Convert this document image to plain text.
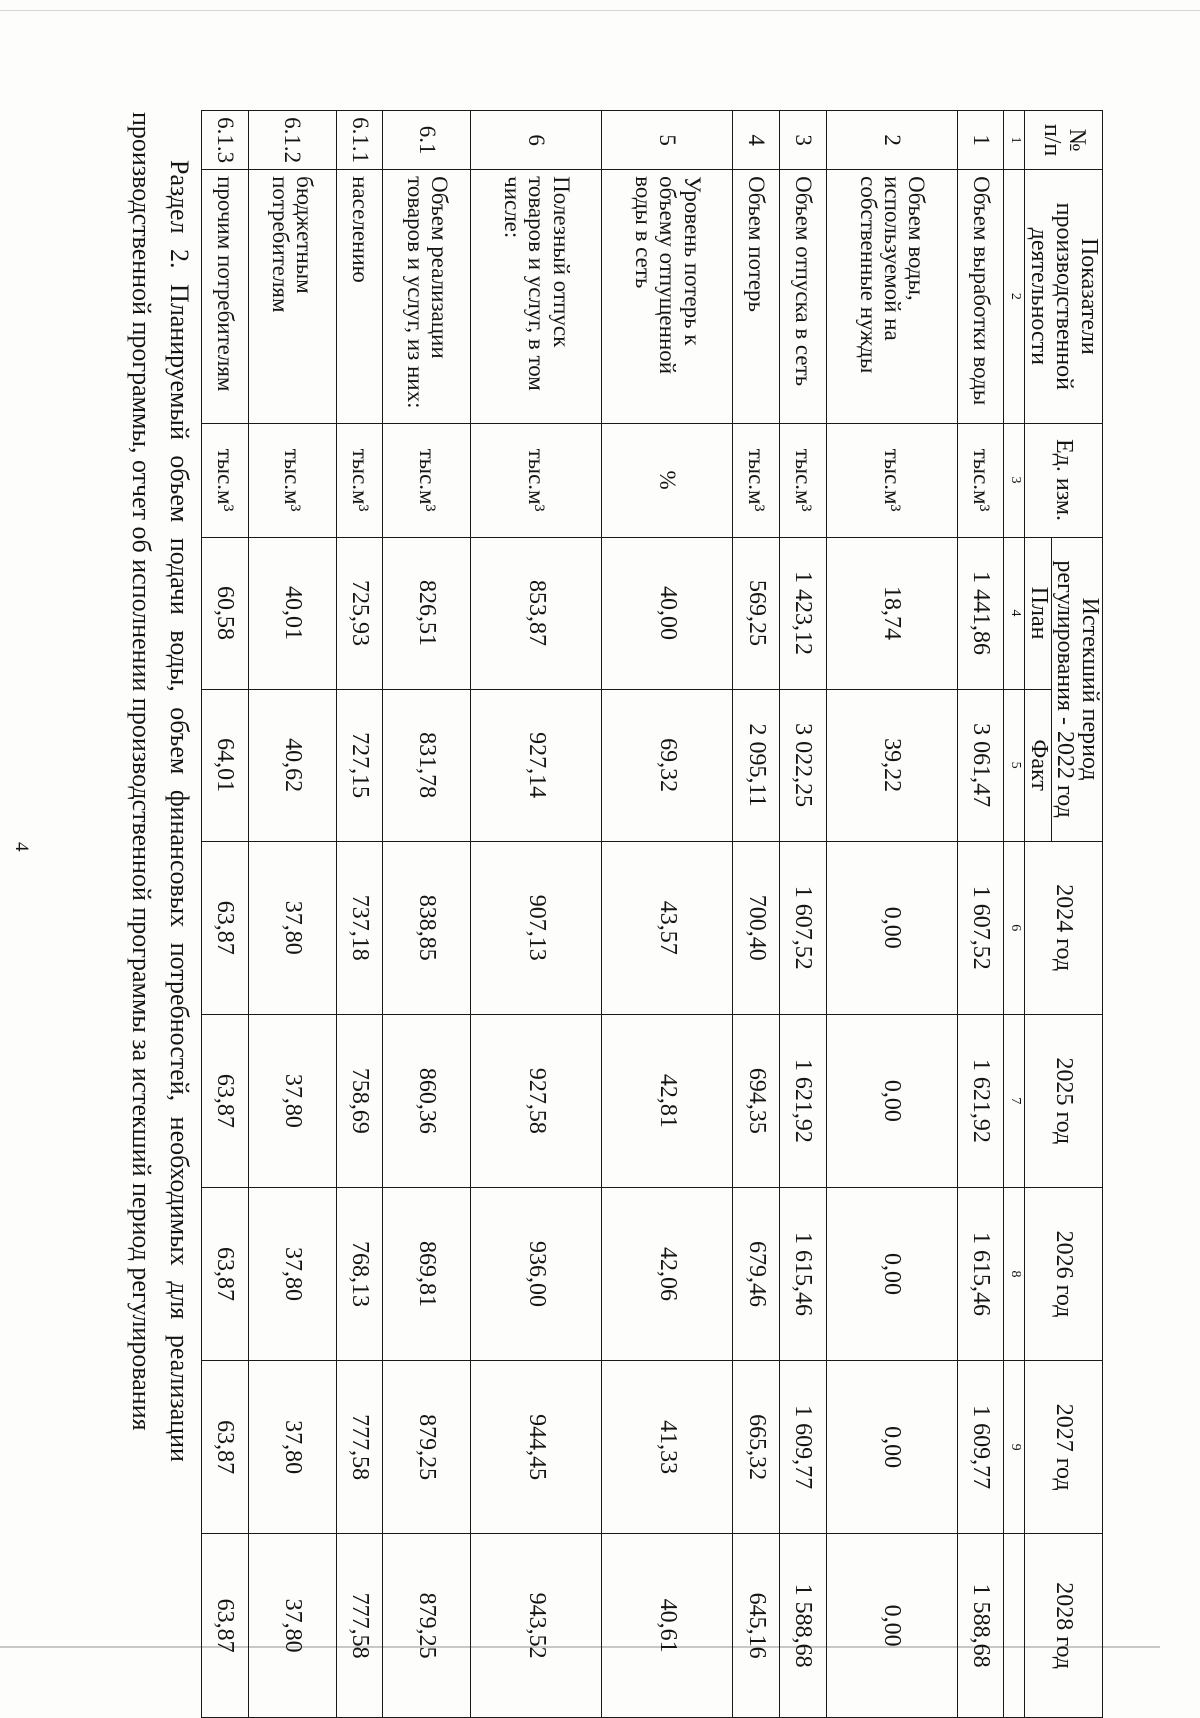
Раздел 2. Планируемый объем подачи воды, объем финансовых потребностей, необходимых для реализации
производственной программы, отчет об исполнении производственной программы за истекший период регулирования	№ п/п	Показатели производственной деятельности	Ед. изм.	Истекший период регулирования - 2022 год		2024 год	2025 год	2026 год	2027 год	2028 год
			План	Факт					
1	2	3	4	5	6	7	8	9	
1	Объем выработки воды	тыс.м³	1 441,86	3 061,47	1 607,52	1 621,92	1 615,46	1 609,77	1 588,68
2	Объем воды, используемой на собственные нужды	тыс.м³	18,74	39,22	0,00	0,00	0,00	0,00	0,00
3	Объем отпуска в сеть	тыс.м³	1 423,12	3 022,25	1 607,52	1 621,92	1 615,46	1 609,77	1 588,68
4	Объем потерь	тыс.м³	569,25	2 095,11	700,40	694,35	679,46	665,32	645,16
5	Уровень потерь к объему отпущенной воды в сеть	%	40,00	69,32	43,57	42,81	42,06	41,33	40,61
6	Полезный отпуск товаров и услуг, в том числе:	тыс.м³	853,87	927,14	907,13	927,58	936,00	944,45	943,52
6.1	Объем реализации товаров и услуг, из них:	тыс.м³	826,51	831,78	838,85	860,36	869,81	879,25	879,25
6.1.1	населению	тыс.м³	725,93	727,15	737,18	758,69	768,13	777,58	777,58
6.1.2	бюджетным потребителям	тыс.м³	40,01	40,62	37,80	37,80	37,80	37,80	37,80
6.1.3	прочим потребителям	тыс.м³	60,58	64,01	63,87	63,87	63,87	63,87	63,87
4
